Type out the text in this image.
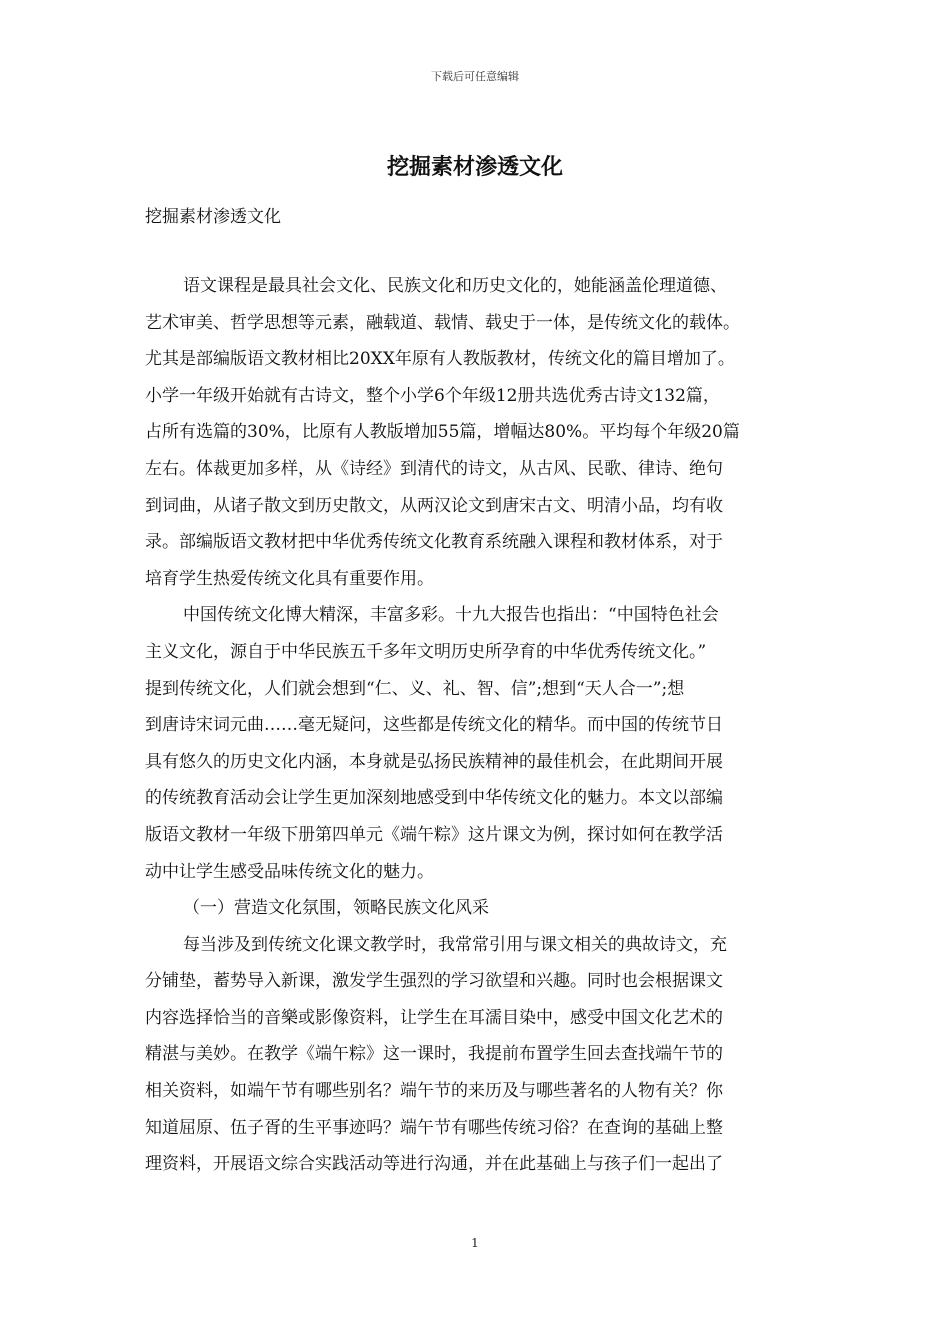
下载后可任意编辑
挖掘素材渗透文化
挖掘素材渗透文化
语文课程是最具社会文化、民族文化和历史文化的，她能涵盖伦理道德、
艺术审美、哲学思想等元素，融载道、载情、载史于一体，是传统文化的载体。
尤其是部编版语文教材相比20XX年原有人教版教材，传统文化的篇目增加了。
小学一年级开始就有古诗文，整个小学6个年级12册共选优秀古诗文132篇，
占所有选篇的30%，比原有人教版增加55篇，增幅达80%。平均每个年级20篇
左右。体裁更加多样，从《诗经》到清代的诗文，从古风、民歌、律诗、绝句
到词曲，从诸子散文到历史散文，从两汉论文到唐宋古文、明清小品，均有收
录。部编版语文教材把中华优秀传统文化教育系统融入课程和教材体系，对于
培育学生热爱传统文化具有重要作用。
中国传统文化博大精深，丰富多彩。十九大报告也指出：“中国特色社会
主义文化，源自于中华民族五千多年文明历史所孕育的中华优秀传统文化。”
提到传统文化，人们就会想到“仁、义、礼、智、信”;想到“天人合一”;想
到唐诗宋词元曲……毫无疑问，这些都是传统文化的精华。而中国的传统节日
具有悠久的历史文化内涵，本身就是弘扬民族精神的最佳机会，在此期间开展
的传统教育活动会让学生更加深刻地感受到中华传统文化的魅力。本文以部编
版语文教材一年级下册第四单元《端午粽》这片课文为例，探讨如何在教学活
动中让学生感受品味传统文化的魅力。
（一）营造文化氛围，领略民族文化风采
每当涉及到传统文化课文教学时，我常常引用与课文相关的典故诗文，充
分铺垫，蓄势导入新课，激发学生强烈的学习欲望和兴趣。同时也会根据课文
内容选择恰当的音樂或影像资料，让学生在耳濡目染中，感受中国文化艺术的
精湛与美妙。在教学《端午粽》这一课时，我提前布置学生回去查找端午节的
相关资料，如端午节有哪些别名？端午节的来历及与哪些著名的人物有关？你
知道屈原、伍子胥的生平事迹吗？端午节有哪些传统习俗？在查询的基础上整
理资料，开展语文综合实践活动等进行沟通，并在此基础上与孩子们一起出了
1
